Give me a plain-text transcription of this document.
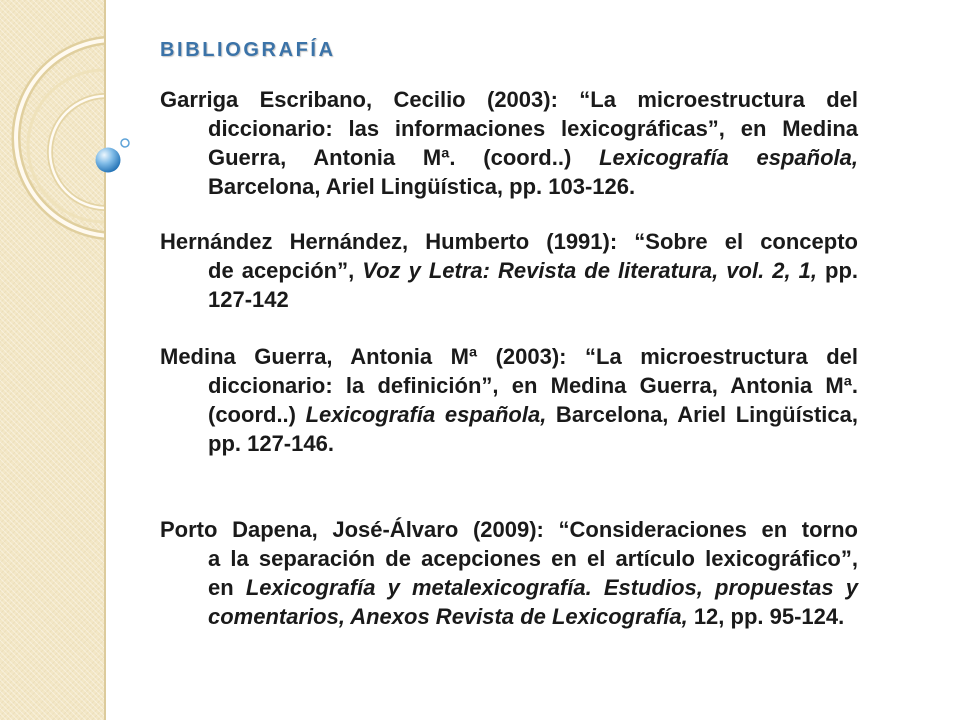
BIBLIOGRAFÍA
Garriga Escribano, Cecilio (2003): “La microestructura del
diccionario: las informaciones lexicográficas”, en Medina
Guerra, Antonia Mª. (coord..) Lexicografía española,
Barcelona, Ariel Lingüística, pp. 103-126.
Hernández Hernández, Humberto (1991): “Sobre el concepto
de acepción”, Voz y Letra: Revista de literatura, vol. 2, 1, pp.
127-142
Medina Guerra, Antonia Mª (2003): “La microestructura del
diccionario: la definición”, en Medina Guerra, Antonia Mª.
(coord..) Lexicografía española, Barcelona, Ariel Lingüística,
pp. 127-146.
Porto Dapena, José-Álvaro (2009): “Consideraciones en torno
a la separación de acepciones en el artículo lexicográfico”,
en Lexicografía y metalexicografía. Estudios, propuestas y
comentarios, Anexos Revista de Lexicografía, 12, pp. 95-124.
